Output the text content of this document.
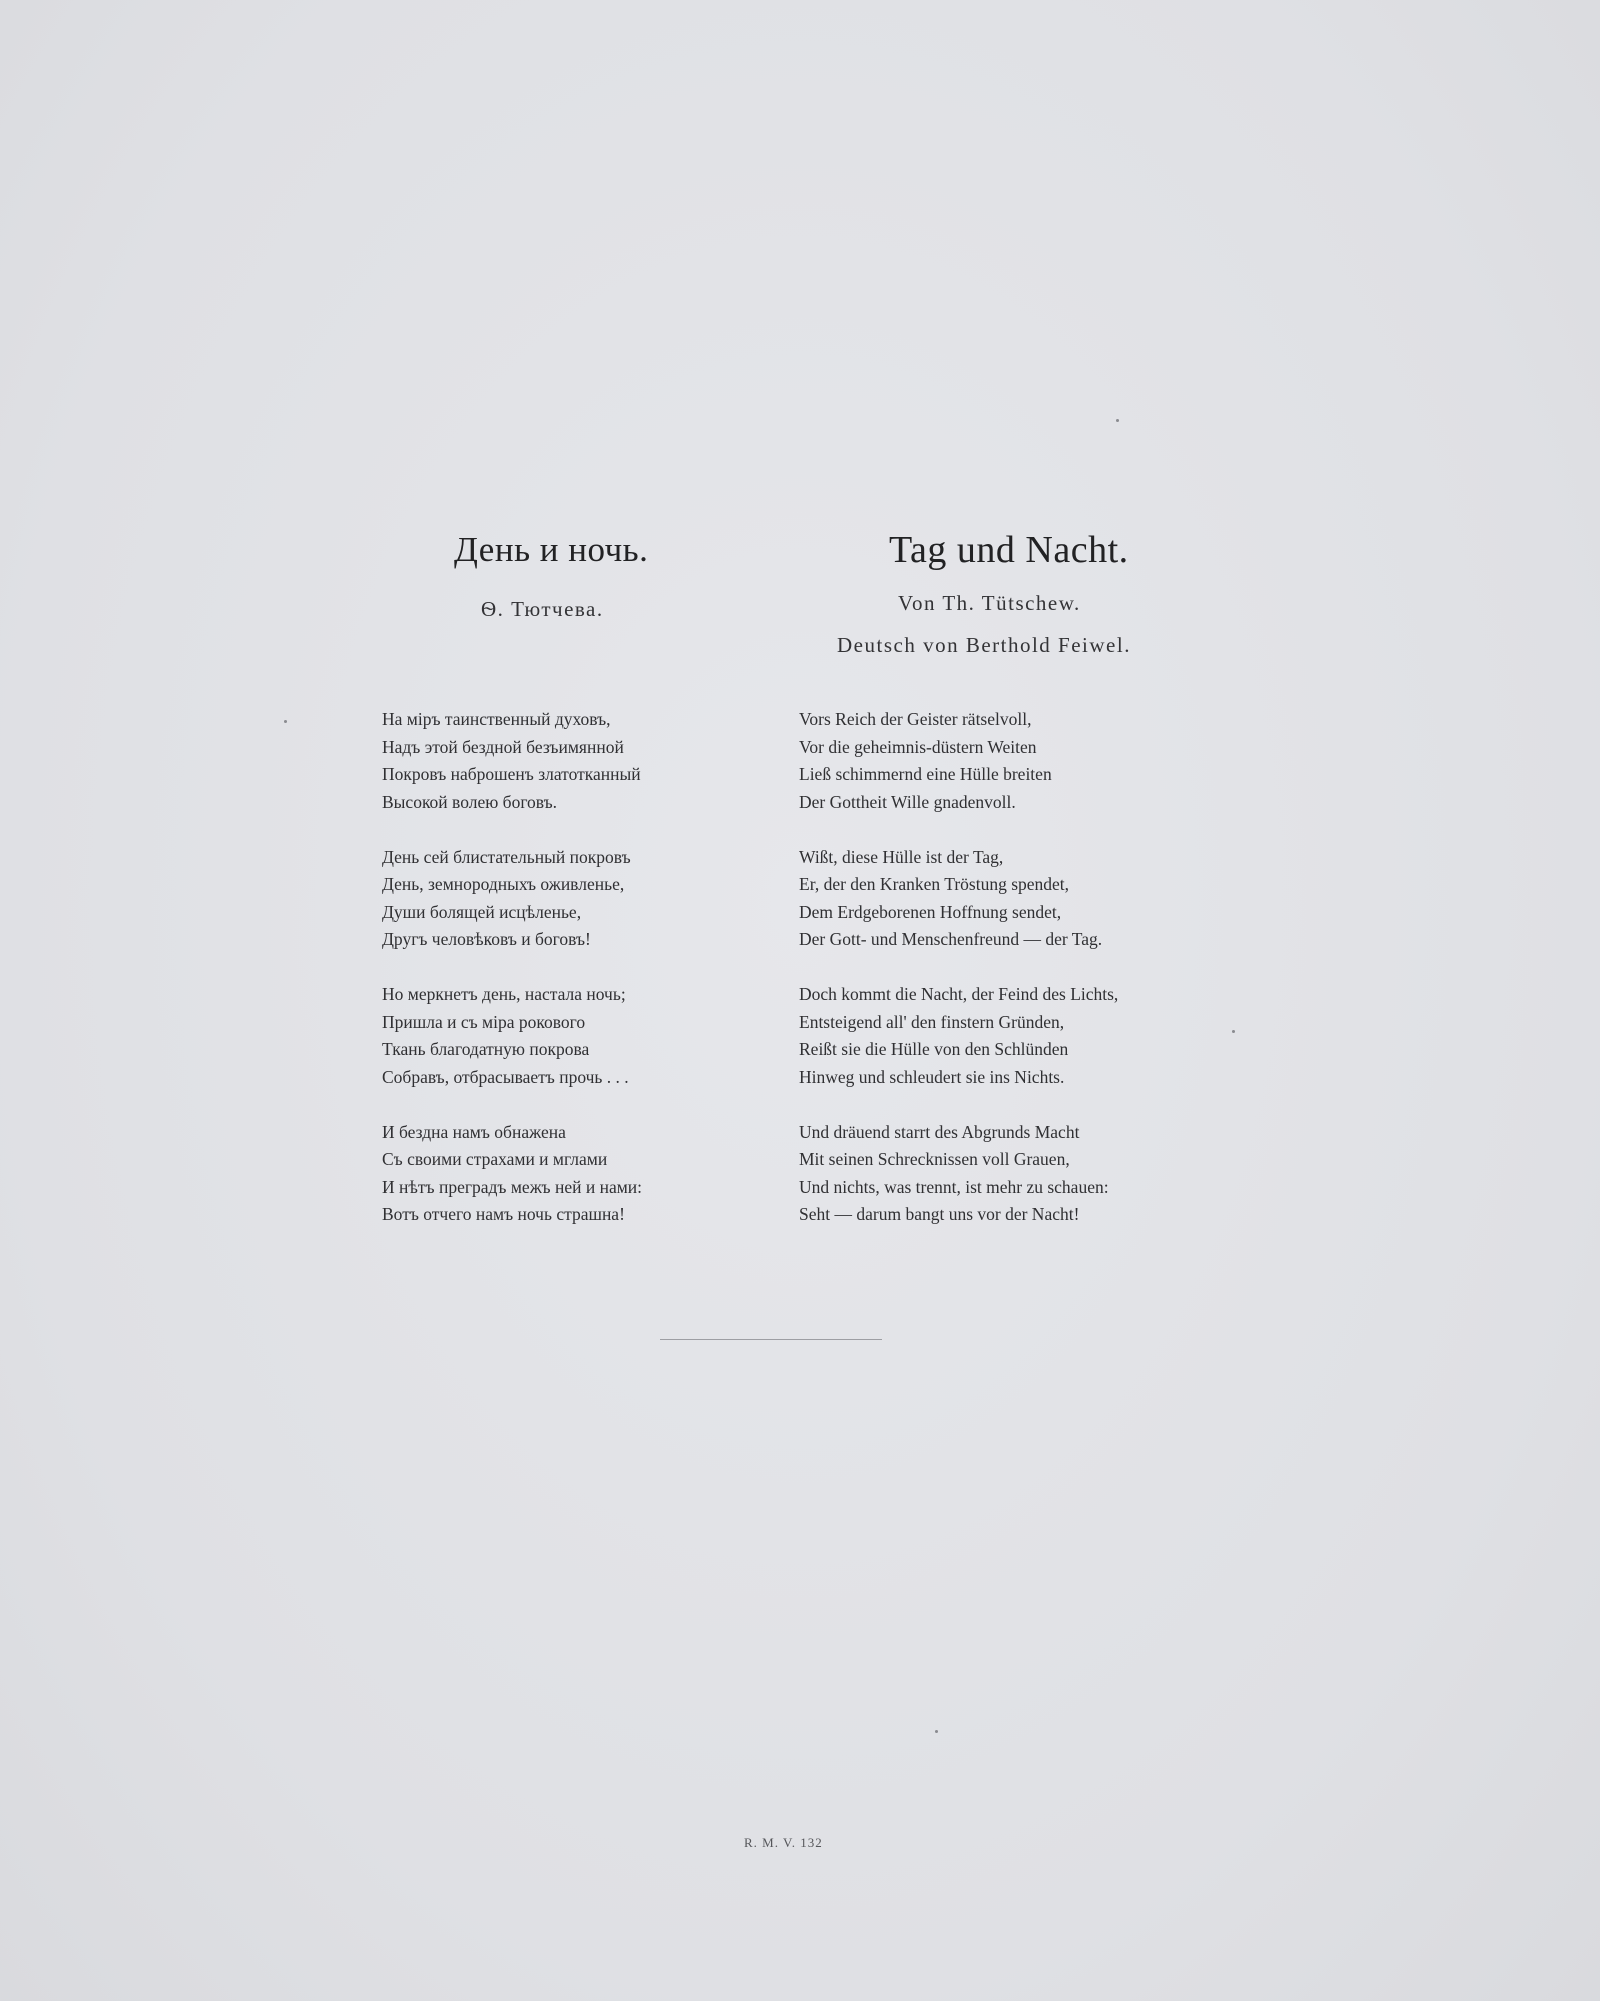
День и ночь.
Ѳ. Тютчева.
Tag und Nacht.
Von Th. Tütschew.
Deutsch von Berthold Feiwel.
На міръ таинственный духовъ,
Надъ этой бездной безъимянной
Покровъ наброшенъ златотканный
Высокой волею боговъ.
День сей блистательный покровъ
День, земнородныхъ оживленье,
Души болящей исцѣленье,
Другъ человѣковъ и боговъ!
Но меркнетъ день, настала ночь;
Пришла и съ міра рокового
Ткань благодатную покрова
Собравъ, отбрасываетъ прочь . . .
И бездна намъ обнажена
Съ своими страхами и мглами
И нѣтъ преградъ межъ ней и нами:
Вотъ отчего намъ ночь страшна!
Vors Reich der Geister rätselvoll,
Vor die geheimnis-düstern Weiten
Ließ schimmernd eine Hülle breiten
Der Gottheit Wille gnadenvoll.
Wißt, diese Hülle ist der Tag,
Er, der den Kranken Tröstung spendet,
Dem Erdgeborenen Hoffnung sendet,
Der Gott- und Menschenfreund — der Tag.
Doch kommt die Nacht, der Feind des Lichts,
Entsteigend all' den finstern Gründen,
Reißt sie die Hülle von den Schlünden
Hinweg und schleudert sie ins Nichts.
Und dräuend starrt des Abgrunds Macht
Mit seinen Schrecknissen voll Grauen,
Und nichts, was trennt, ist mehr zu schauen:
Seht — darum bangt uns vor der Nacht!
R. M. V. 132
